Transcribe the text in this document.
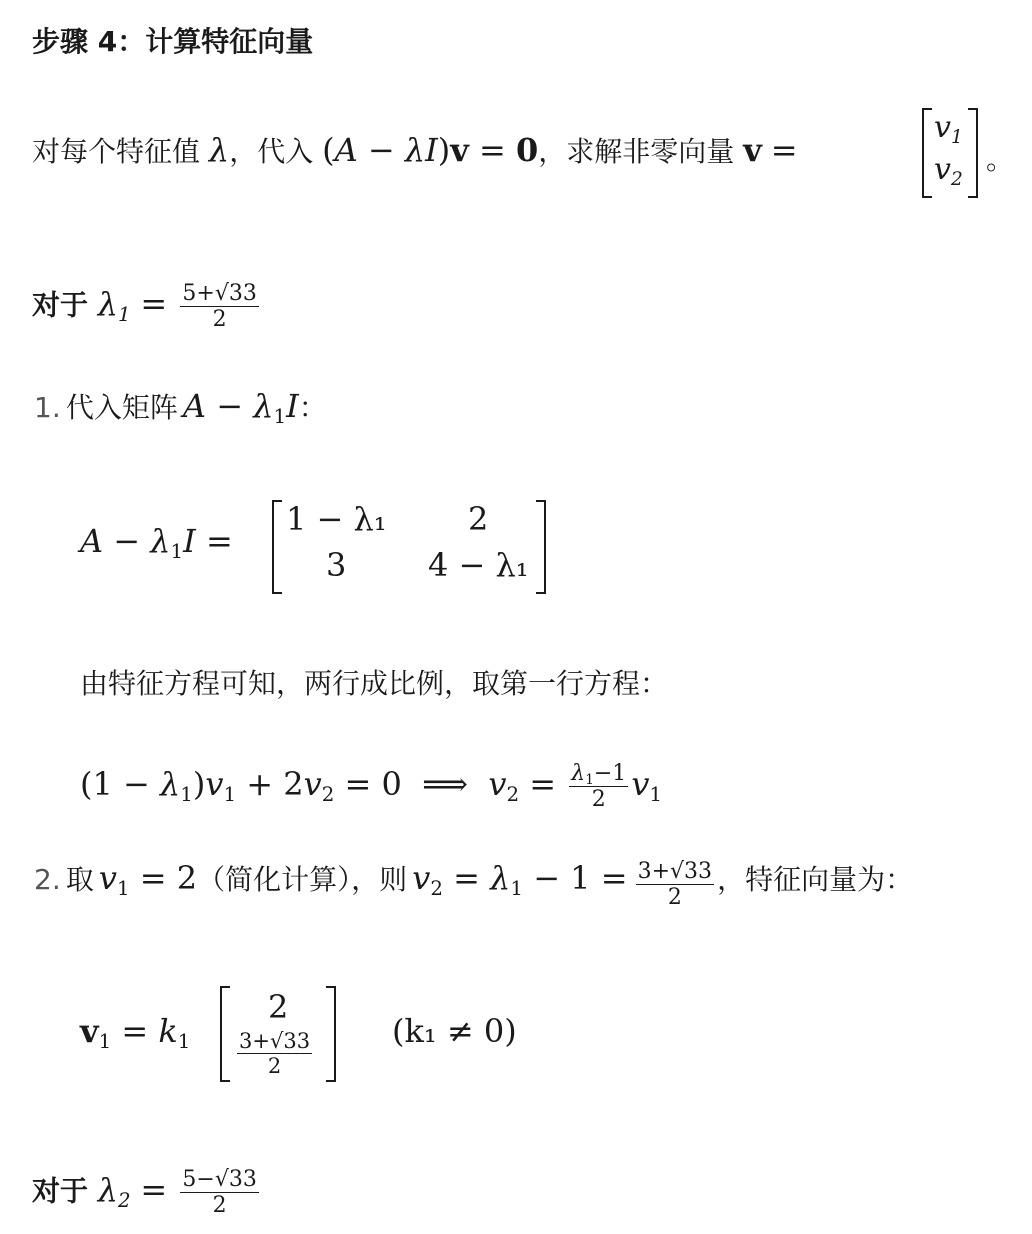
步骤 4：计算特征向量
对每个特征值 λ，代入 (A − λI)v = 0，求解非零向量 v =
v1
v2
。
对于 $\lambda 1 = \frac{5+√33}{2}$
1. 代入矩阵 A − λ1I：
A − λ1I =
1 − λ₁	2
3	4 − λ₁
由特征方程可知，两行成比例，取第一行方程：
(1 − λ1)v1 + 2v2 = 0  ⟹  $v2 = \frac{\lambda 1-1}{2} v1$
2. 取 v1 = 2（简化计算），则 $v2 = \lambda 1 - 1 = \frac{3+√33}{2}$ ，特征向量为：
v1 = k1
2
$\frac{3+√33}{2} (k_1 \ne 0)$
对于 $\lambda 2 = \frac{5-√33}{2}$
